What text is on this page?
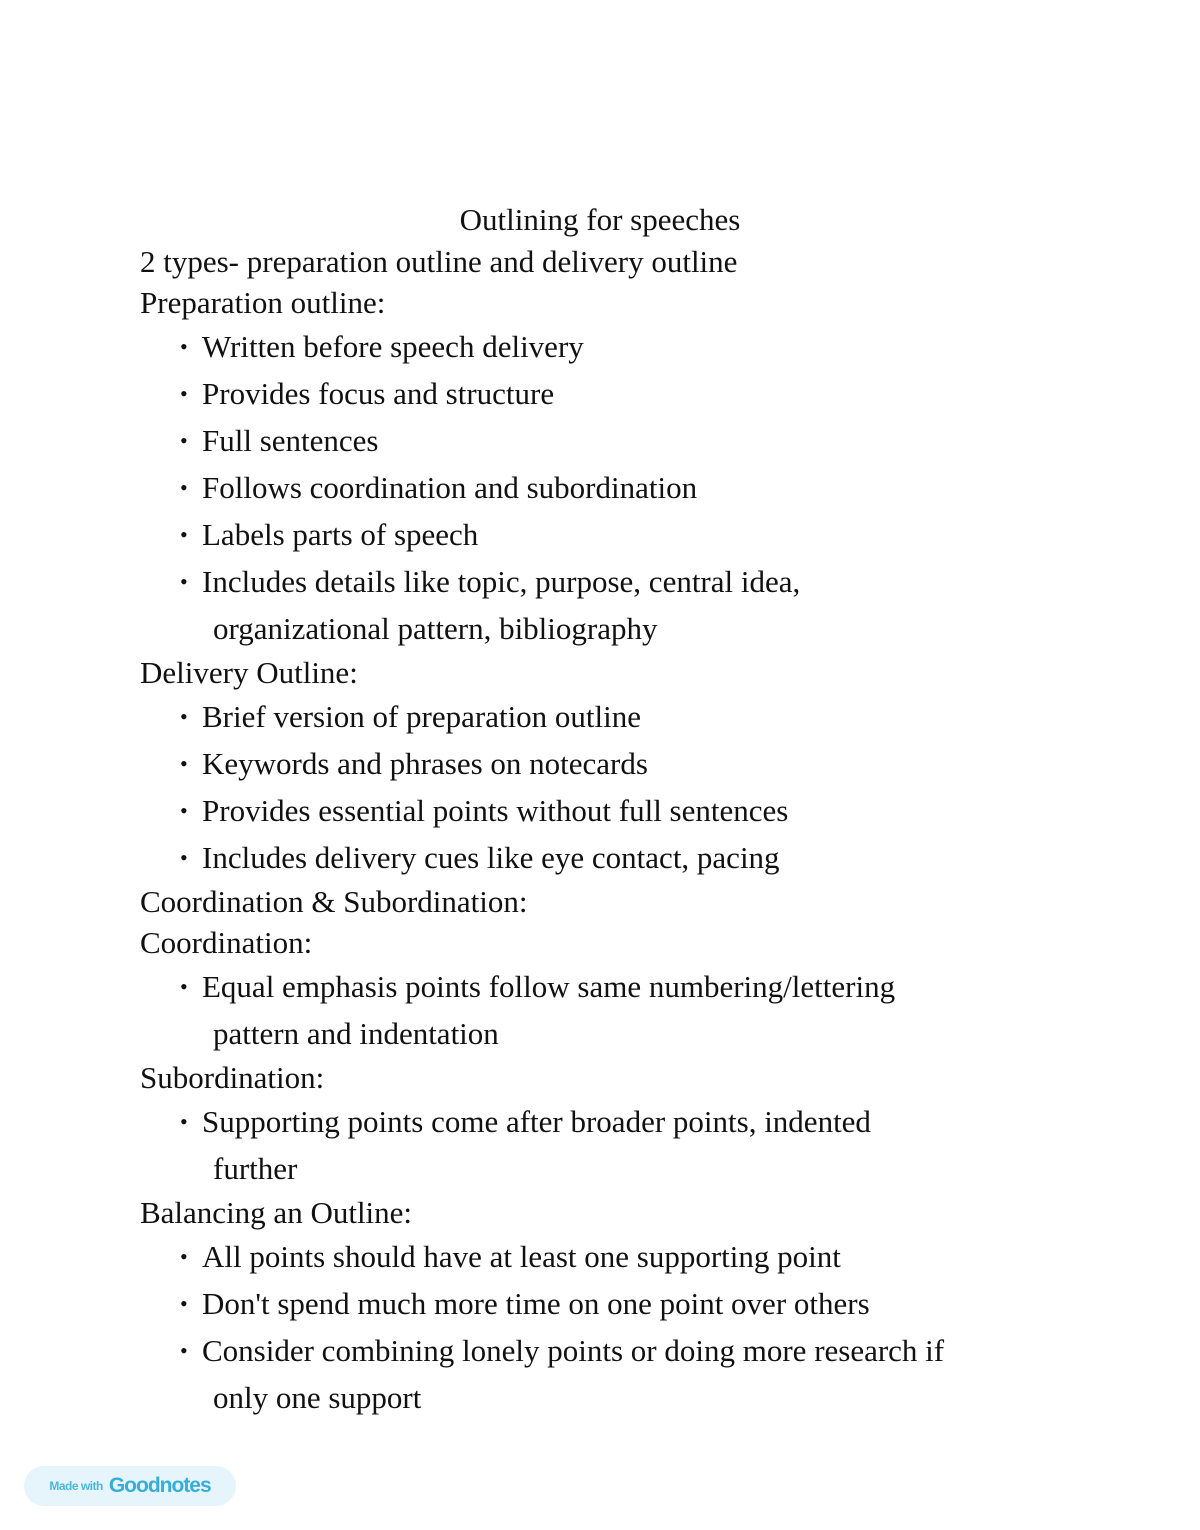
Outlining for speeches
2 types- preparation outline and delivery outline
Preparation outline:
• Written before speech delivery
• Provides focus and structure
• Full sentences
• Follows coordination and subordination
• Labels parts of speech
• Includes details like topic, purpose, central idea,
organizational pattern, bibliography
Delivery Outline:
• Brief version of preparation outline
• Keywords and phrases on notecards
• Provides essential points without full sentences
• Includes delivery cues like eye contact, pacing
Coordination & Subordination:
Coordination:
• Equal emphasis points follow same numbering/lettering
pattern and indentation
Subordination:
• Supporting points come after broader points, indented
further
Balancing an Outline:
• All points should have at least one supporting point
• Don't spend much more time on one point over others
• Consider combining lonely points or doing more research if
only one support
Made with Goodnotes
